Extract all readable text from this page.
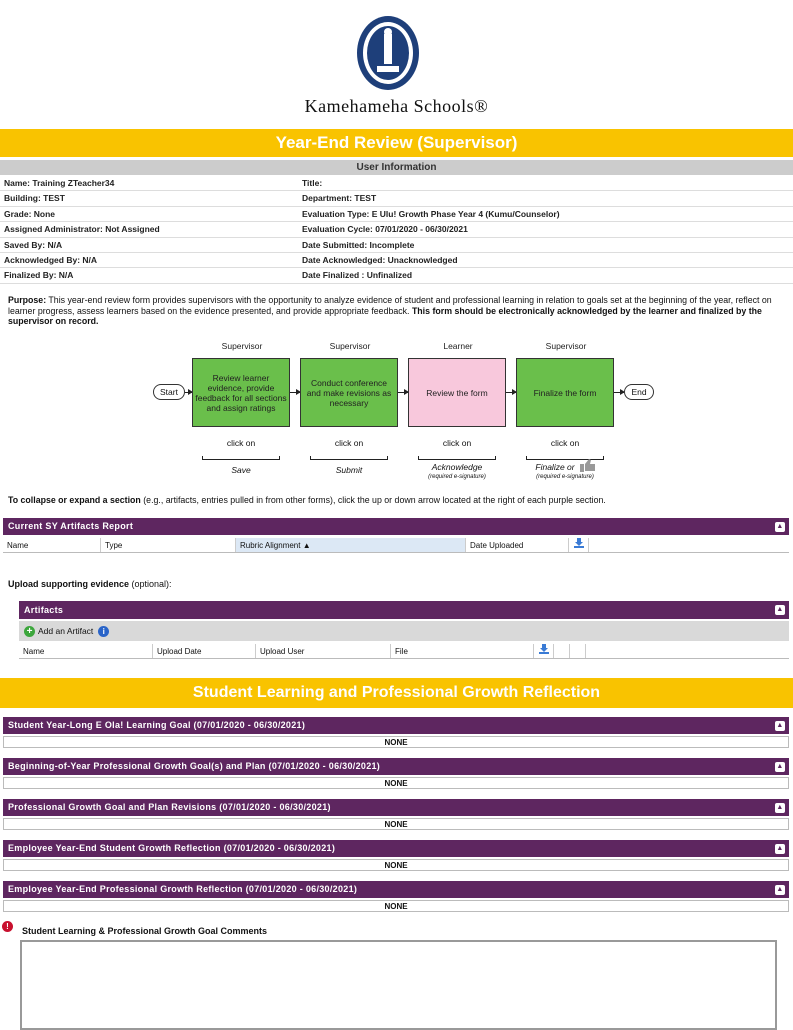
Kamehameha Schools®
Year-End Review (Supervisor)
User Information
Name: Training ZTeacher34	Title:
Building: TEST	Department: TEST
Grade: None	Evaluation Type: E Ulu! Growth Phase Year 4 (Kumu/Counselor)
Assigned Administrator: Not Assigned	Evaluation Cycle: 07/01/2020 - 06/30/2021
Saved By: N/A	Date Submitted: Incomplete
Acknowledged By: N/A	Date Acknowledged: Unacknowledged
Finalized By: N/A	Date Finalized : Unfinalized
Purpose: This year-end review form provides supervisors with the opportunity to analyze evidence of student and professional learning in relation to goals set at the beginning of the year, reflect on learner progress, assess learners based on the evidence presented, and provide appropriate feedback. This form should be electronically acknowledged by the learner and finalized by the supervisor on record.
Supervisor	Supervisor	Learner	Supervisor
Start
Review learner evidence, provide feedback for all sections and assign ratings
Conduct conference and make revisions as necessary
Review the form	Finalize the form	End
click on	click on	click on	click on
Save	Submit	Acknowledge	Finalize or
(required e-signature)	(required e-signature)
To collapse or expand a section (e.g., artifacts, entries pulled in from other forms), click the up or down arrow located at the right of each purple section.
Current SY Artifacts Report	▲
Name	Type	Rubric Alignment ▲	Date Uploaded
Upload supporting evidence (optional):
Artifacts	▲
+ Add an Artifact	i
Name	Upload Date	Upload User	File
Student Learning and Professional Growth Reflection
Student Year-Long E Ola! Learning Goal (07/01/2020 - 06/30/2021)	▲
NONE
Beginning-of-Year Professional Growth Goal(s) and Plan (07/01/2020 - 06/30/2021)	▲
NONE
Professional Growth Goal and Plan Revisions (07/01/2020 - 06/30/2021)	▲
NONE
Employee Year-End Student Growth Reflection (07/01/2020 - 06/30/2021)	▲
NONE
Employee Year-End Professional Growth Reflection (07/01/2020 - 06/30/2021)	▲
NONE
!	Student Learning & Professional Growth Goal Comments
